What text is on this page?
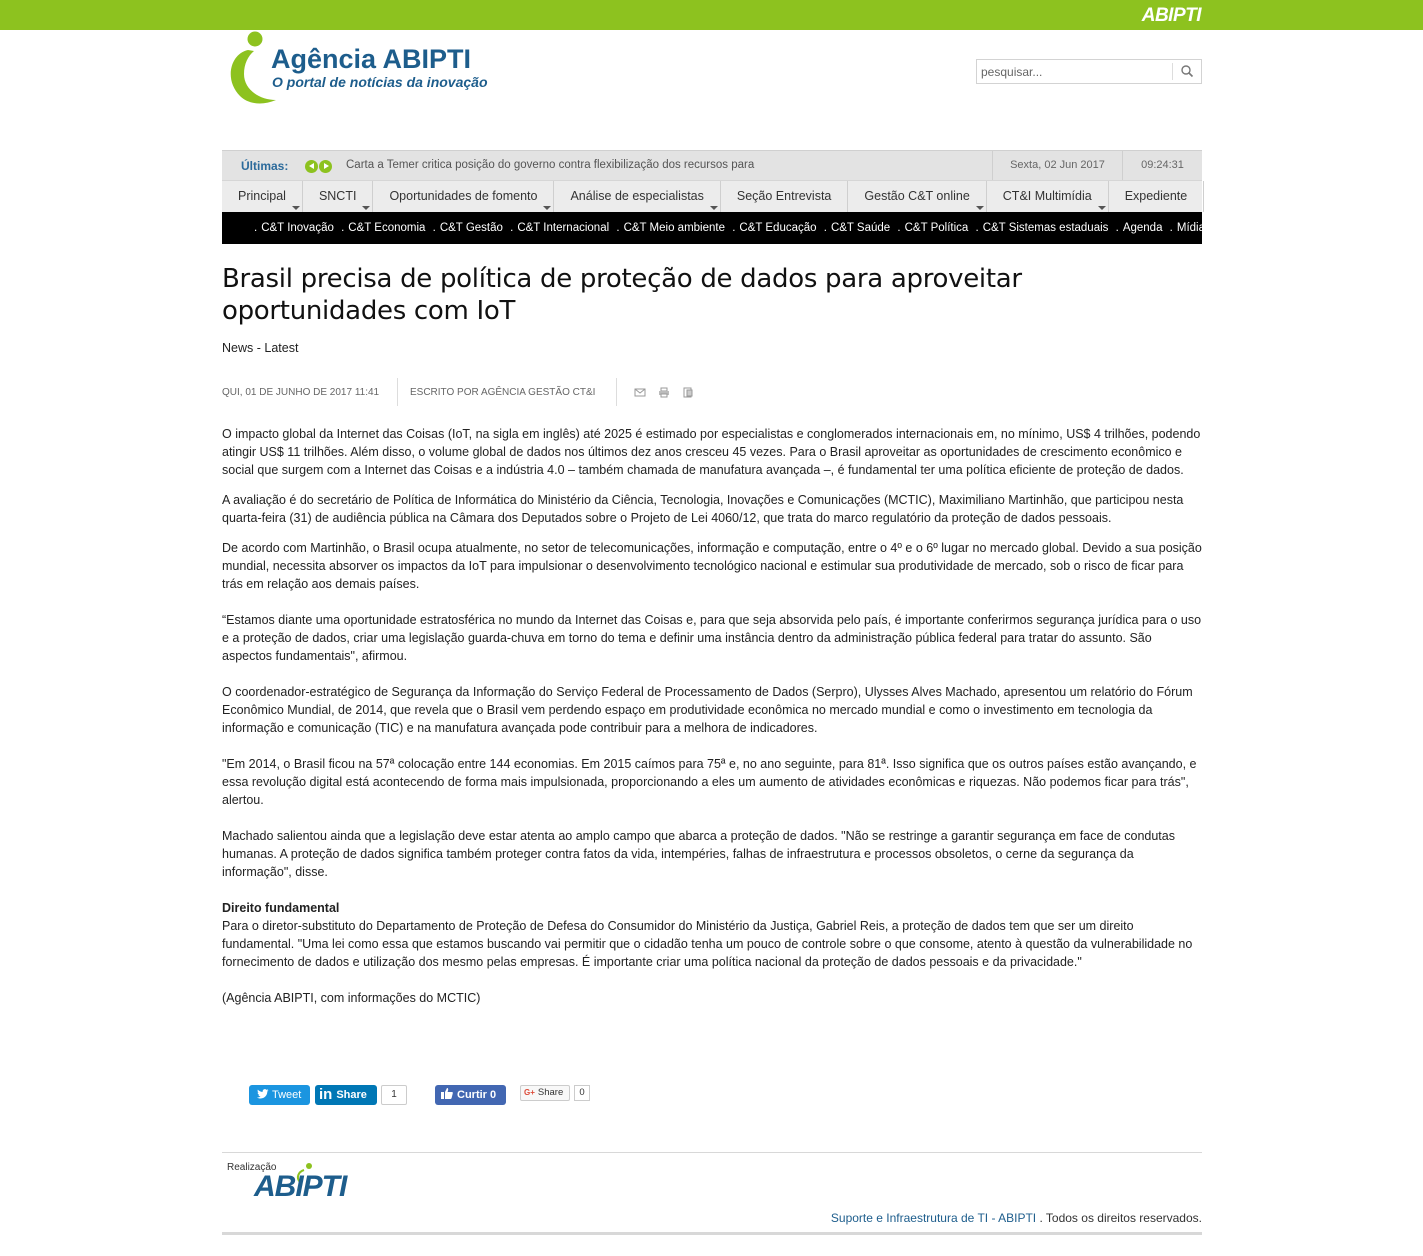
ABIPTI
Agência ABIPTI
O portal de notícias da inovação
pesquisar...
Últimas:	Carta a Temer critica posição do governo contra flexibilização dos recursos para	Sexta, 02 Jun 2017	09:24:31
Principal	SNCTI	Oportunidades de fomento	Análise de especialistas	Seção Entrevista	Gestão C&T online	CT&I Multimídia	Expediente
. C&T Inovação . C&T Economia . C&T Gestão . C&T Internacional . C&T Meio ambiente . C&T Educação . C&T Saúde . C&T Política . C&T Sistemas estaduais . Agenda . Mídia Kit .
Brasil precisa de política de proteção de dados para aproveitar oportunidades com IoT
News - Latest
QUI, 01 DE JUNHO DE 2017 11:41	ESCRITO POR AGÊNCIA GESTÃO CT&I

O impacto global da Internet das Coisas (IoT, na sigla em inglês) até 2025 é estimado por especialistas e conglomerados internacionais em, no mínimo, US$ 4 trilhões, podendo atingir US$ 11 trilhões. Além disso, o volume global de dados nos últimos dez anos cresceu 45 vezes. Para o Brasil aproveitar as oportunidades de crescimento econômico e social que surgem com a Internet das Coisas e a indústria 4.0 – também chamada de manufatura avançada –, é fundamental ter uma política eficiente de proteção de dados.

A avaliação é do secretário de Política de Informática do Ministério da Ciência, Tecnologia, Inovações e Comunicações (MCTIC), Maximiliano Martinhão, que participou nesta quarta-feira (31) de audiência pública na Câmara dos Deputados sobre o Projeto de Lei 4060/12, que trata do marco regulatório da proteção de dados pessoais.

De acordo com Martinhão, o Brasil ocupa atualmente, no setor de telecomunicações, informação e computação, entre o 4º e o 6º lugar no mercado global. Devido a sua posição mundial, necessita absorver os impactos da IoT para impulsionar o desenvolvimento tecnológico nacional e estimular sua produtividade de mercado, sob o risco de ficar para trás em relação aos demais países.

“Estamos diante uma oportunidade estratosférica no mundo da Internet das Coisas e, para que seja absorvida pelo país, é importante conferirmos segurança jurídica para o uso e a proteção de dados, criar uma legislação guarda-chuva em torno do tema e definir uma instância dentro da administração pública federal para tratar do assunto. São aspectos fundamentais", afirmou.

O coordenador-estratégico de Segurança da Informação do Serviço Federal de Processamento de Dados (Serpro), Ulysses Alves Machado, apresentou um relatório do Fórum Econômico Mundial, de 2014, que revela que o Brasil vem perdendo espaço em produtividade econômica no mercado mundial e como o investimento em tecnologia da informação e comunicação (TIC) e na manufatura avançada pode contribuir para a melhora de indicadores.

"Em 2014, o Brasil ficou na 57ª colocação entre 144 economias. Em 2015 caímos para 75ª e, no ano seguinte, para 81ª. Isso significa que os outros países estão avançando, e essa revolução digital está acontecendo de forma mais impulsionada, proporcionando a eles um aumento de atividades econômicas e riquezas. Não podemos ficar para trás", alertou.

Machado salientou ainda que a legislação deve estar atenta ao amplo campo que abarca a proteção de dados. "Não se restringe a garantir segurança em face de condutas humanas. A proteção de dados significa também proteger contra fatos da vida, intempéries, falhas de infraestrutura e processos obsoletos, o cerne da segurança da informação", disse.

Direito fundamental

Para o diretor-substituto do Departamento de Proteção de Defesa do Consumidor do Ministério da Justiça, Gabriel Reis, a proteção de dados tem que ser um direito fundamental. "Uma lei como essa que estamos buscando vai permitir que o cidadão tenha um pouco de controle sobre o que consome, atento à questão da vulnerabilidade no fornecimento de dados e utilização dos mesmo pelas empresas. É importante criar uma política nacional da proteção de dados pessoais e da privacidade."

(Agência ABIPTI, com informações do MCTIC)

Tweet	in Share	1	Curtir 0	G+ Share	0
Realização
ABIPTI
Suporte e Infraestrutura de TI - ABIPTI . Todos os direitos reservados.
